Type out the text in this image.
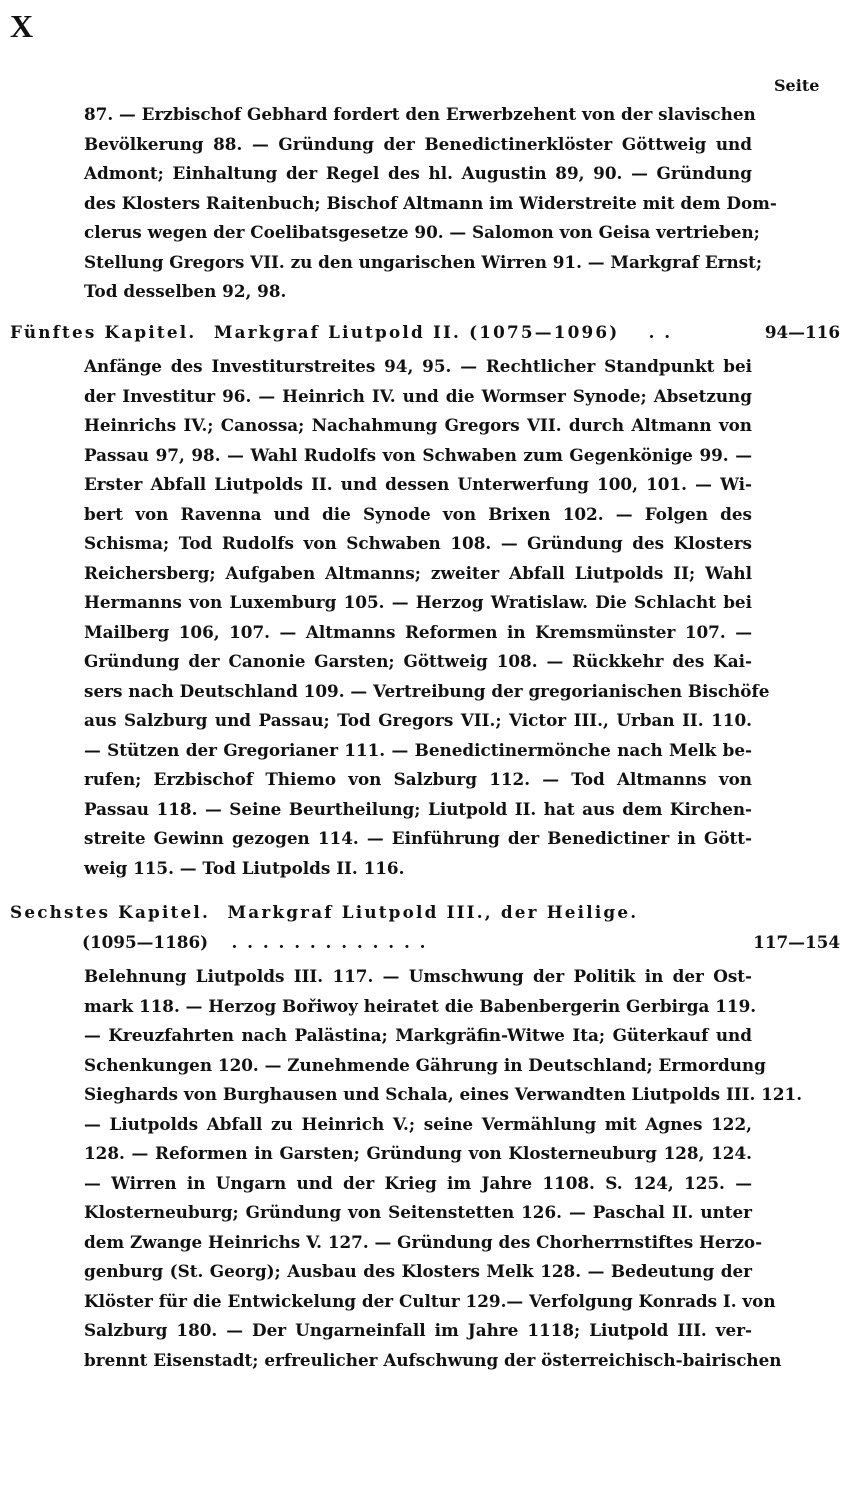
X
Seite
87. — Erzbischof Gebhard fordert den Erwerbzehent von der slavischen
Bevölkerung 88. — Gründung der Benedictinerklöster Göttweig und
Admont; Einhaltung der Regel des hl. Augustin 89, 90. — Gründung
des Klosters Raitenbuch; Bischof Altmann im Widerstreite mit dem Dom-
clerus wegen der Coelibatsgesetze 90. — Salomon von Geisa vertrieben;
Stellung Gregors VII. zu den ungarischen Wirren 91. — Markgraf Ernst;
Tod desselben 92, 98.
Fünftes Kapitel. Markgraf Liutpold II. (1075—1096) . .	94—116
Anfänge des Investiturstreites 94, 95. — Rechtlicher Standpunkt bei
der Investitur 96. — Heinrich IV. und die Wormser Synode; Absetzung
Heinrichs IV.; Canossa; Nachahmung Gregors VII. durch Altmann von
Passau 97, 98. — Wahl Rudolfs von Schwaben zum Gegenkönige 99. —
Erster Abfall Liutpolds II. und dessen Unterwerfung 100, 101. — Wi-
bert von Ravenna und die Synode von Brixen 102. — Folgen des
Schisma; Tod Rudolfs von Schwaben 108. — Gründung des Klosters
Reichersberg; Aufgaben Altmanns; zweiter Abfall Liutpolds II; Wahl
Hermanns von Luxemburg 105. — Herzog Wratislaw. Die Schlacht bei
Mailberg 106, 107. — Altmanns Reformen in Kremsmünster 107. —
Gründung der Canonie Garsten; Göttweig 108. — Rückkehr des Kai-
sers nach Deutschland 109. — Vertreibung der gregorianischen Bischöfe
aus Salzburg und Passau; Tod Gregors VII.; Victor III., Urban II. 110.
— Stützen der Gregorianer 111. — Benedictinermönche nach Melk be-
rufen; Erzbischof Thiemo von Salzburg 112. — Tod Altmanns von
Passau 118. — Seine Beurtheilung; Liutpold II. hat aus dem Kirchen-
streite Gewinn gezogen 114. — Einführung der Benedictiner in Gött-
weig 115. — Tod Liutpolds II. 116.
Sechstes Kapitel. Markgraf Liutpold III., der Heilige.
(1095—1186) . . . . . . . . . . . . .	117—154
Belehnung Liutpolds III. 117. — Umschwung der Politik in der Ost-
mark 118. — Herzog Bořiwoy heiratet die Babenbergerin Gerbirga 119.
— Kreuzfahrten nach Palästina; Markgräfin-Witwe Ita; Güterkauf und
Schenkungen 120. — Zunehmende Gährung in Deutschland; Ermordung
Sieghards von Burghausen und Schala, eines Verwandten Liutpolds III. 121.
— Liutpolds Abfall zu Heinrich V.; seine Vermählung mit Agnes 122,
128. — Reformen in Garsten; Gründung von Klosterneuburg 128, 124.
— Wirren in Ungarn und der Krieg im Jahre 1108. S. 124, 125. —
Klosterneuburg; Gründung von Seitenstetten 126. — Paschal II. unter
dem Zwange Heinrichs V. 127. — Gründung des Chorherrnstiftes Herzo-
genburg (St. Georg); Ausbau des Klosters Melk 128. — Bedeutung der
Klöster für die Entwickelung der Cultur 129.— Verfolgung Konrads I. von
Salzburg 180. — Der Ungarneinfall im Jahre 1118; Liutpold III. ver-
brennt Eisenstadt; erfreulicher Aufschwung der österreichisch-bairischen
